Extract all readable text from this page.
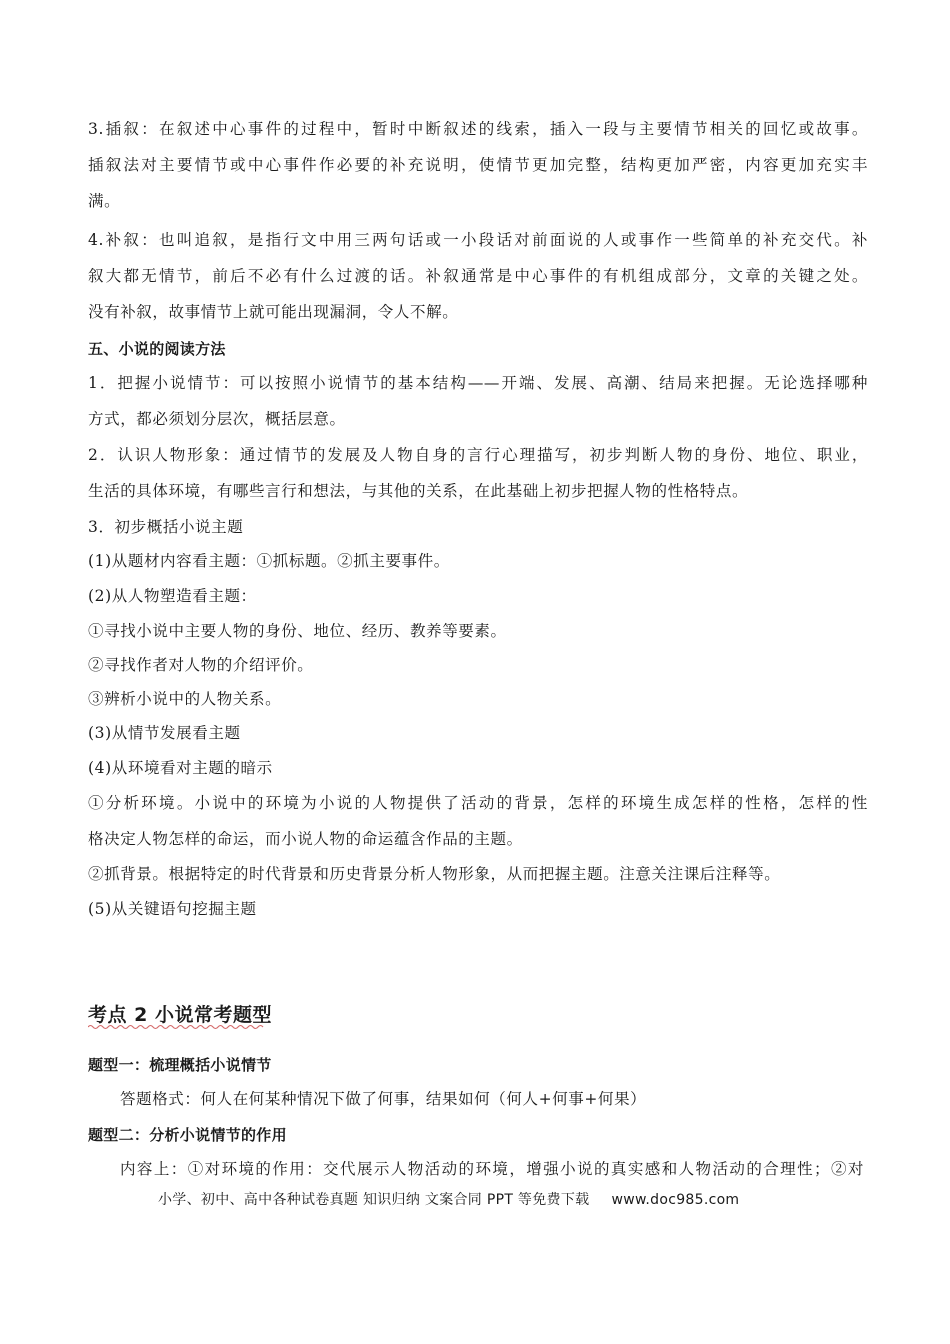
3.插叙：在叙述中心事件的过程中，暂时中断叙述的线索，插入一段与主要情节相关的回忆或故事。
插叙法对主要情节或中心事件作必要的补充说明，使情节更加完整，结构更加严密，内容更加充实丰
满。
4.补叙：也叫追叙，是指行文中用三两句话或一小段话对前面说的人或事作一些简单的补充交代。补
叙大都无情节，前后不必有什么过渡的话。补叙通常是中心事件的有机组成部分，文章的关键之处。
没有补叙，故事情节上就可能出现漏洞，令人不解。
五、小说的阅读方法
1．把握小说情节：可以按照小说情节的基本结构——开端、发展、高潮、结局来把握。无论选择哪种
方式，都必须划分层次，概括层意。
2．认识人物形象：通过情节的发展及人物自身的言行心理描写，初步判断人物的身份、地位、职业，
生活的具体环境，有哪些言行和想法，与其他的关系，在此基础上初步把握人物的性格特点。
3．初步概括小说主题
(1)从题材内容看主题：①抓标题。②抓主要事件。
(2)从人物塑造看主题：
①寻找小说中主要人物的身份、地位、经历、教养等要素。
②寻找作者对人物的介绍评价。
③辨析小说中的人物关系。
(3)从情节发展看主题
(4)从环境看对主题的暗示
①分析环境。小说中的环境为小说的人物提供了活动的背景，怎样的环境生成怎样的性格，怎样的性
格决定人物怎样的命运，而小说人物的命运蕴含作品的主题。
②抓背景。根据特定的时代背景和历史背景分析人物形象，从而把握主题。注意关注课后注释等。
(5)从关键语句挖掘主题
考点 2 小说常考题型
题型一：梳理概括小说情节
答题格式：何人在何某种情况下做了何事，结果如何（何人+何事+何果）
题型二：分析小说情节的作用
内容上：①对环境的作用：交代展示人物活动的环境，增强小说的真实感和人物活动的合理性；②对
小学、初中、高中各种试卷真题 知识归纳 文案合同 PPT 等免费下载 www.doc985.com
